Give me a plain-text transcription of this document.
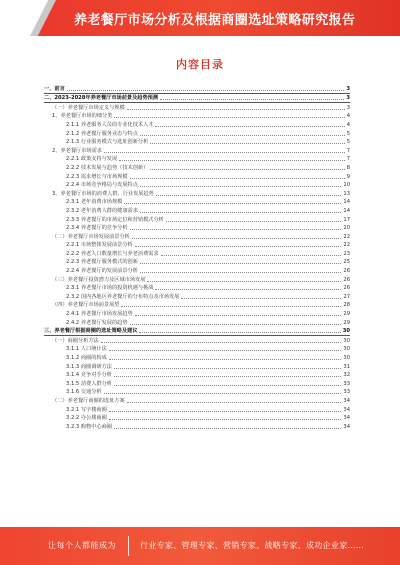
养老餐厅市场分析及根据商圈选址策略研究报告
内容目录
一、前言	3
二、2023-2028年养老餐厅市场前景及趋势预测	3
（一）养老餐厅市场定义与规模	3
1、养老餐厅市场的细分类	4
2.1.1 养老服务人员的专业化技术人才	4
2.1.2 养老餐厅服务业态与特点	5
2.1.3 行业服务模式与选址创新分析	5
2、养老餐厅市场需求	7
2.2.1 政策支持与发展	7
2.2.2 技术发展与趋势（技术创新）	8
2.2.3 需求增长与市场规模	9
2.2.4 市场竞争格局与发展特点	10
3、养老餐厅市场的消费人群、行业发展趋势	13
2.3.1 老年消费市场规模	14
2.3.2 老年消费人群的健康需求	14
2.3.3 养老餐厅的市场定位和营销模式分析	17
2.3.4 养老餐厅的竞争分析	20
（二）养老餐厅市场发展前景分析	22
2.2.1 市场整体发展前景分析	22
2.2.2 养老人口数量增长与养老消费需求	23
2.2.3 养老餐厅服务模式的创新	25
2.2.4 养老餐厅的发展前景分析	26
（三）养老餐厅投资潜力及区域市场发展	26
2.3.1 养老餐厅市场的投资机遇与挑战	26
2.3.2 国内各地区养老餐厅的分布特点及市场发展	27
（四）养老餐厅市场前景展望	28
2.4.1 养老餐厅市场发展趋势	29
2.4.2 养老餐厅发展的趋势	29
三、养老餐厅根据商圈的选址策略及建议	30
（一）商圈分析方法	30
3.1.1 人口统计法	30
3.1.2 商圈的构成	30
3.1.3 商圈调研方法	31
3.1.4 竞争对手分析	32
3.1.5 消费人群分析	33
3.1.6 交通分析	33
（二）养老餐厅商圈的选址方案	34
3.2.1 写字楼商圈	34
3.2.2 办公楼商圈	34
3.2.3 购物中心商圈	34
让每个人都能成为	行业专家、管理专家、营销专家、战略专家、成功企业家……
